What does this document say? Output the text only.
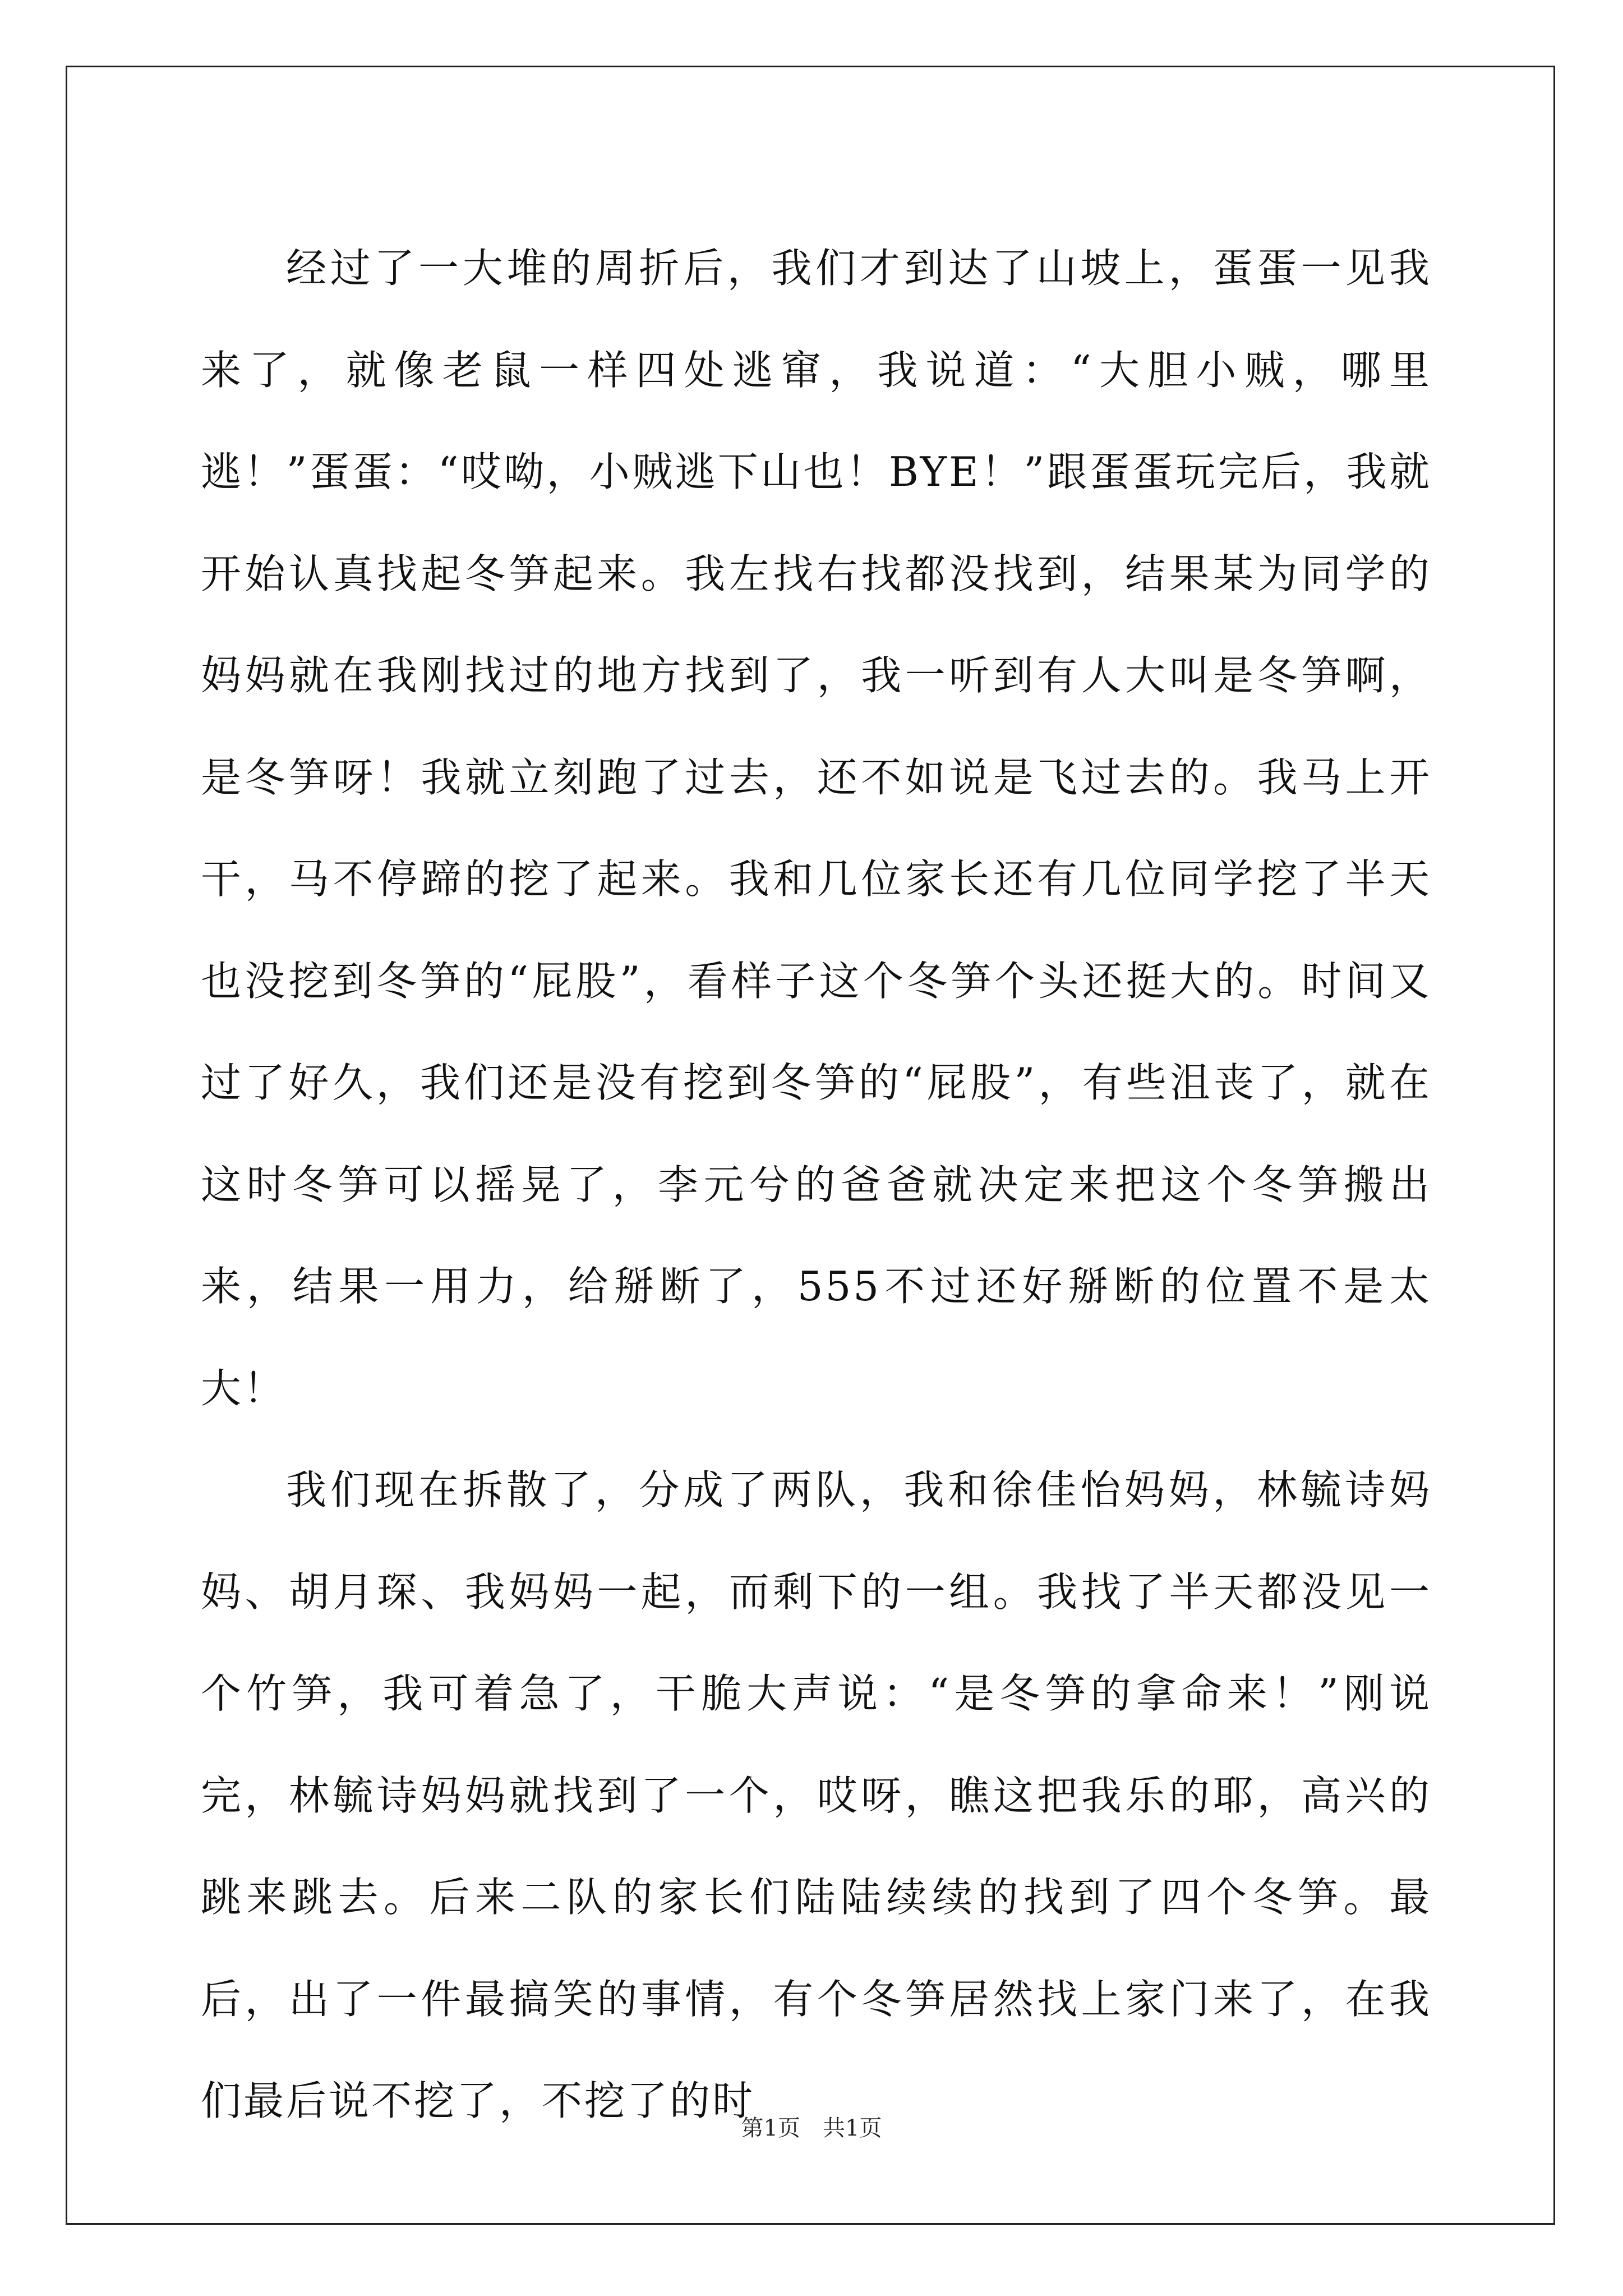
经过了一大堆的周折后，我们才到达了山坡上，蛋蛋一见我来了，就像老鼠一样四处逃窜，我说道：“大胆小贼，哪里逃！”蛋蛋：“哎呦，小贼逃下山也！BYE！”跟蛋蛋玩完后，我就开始认真找起冬笋起来。我左找右找都没找到，结果某为同学的妈妈就在我刚找过的地方找到了，我一听到有人大叫是冬笋啊，是冬笋呀！我就立刻跑了过去，还不如说是飞过去的。我马上开干，马不停蹄的挖了起来。我和几位家长还有几位同学挖了半天也没挖到冬笋的“屁股”，看样子这个冬笋个头还挺大的。时间又过了好久，我们还是没有挖到冬笋的“屁股”，有些沮丧了，就在这时冬笋可以摇晃了，李元兮的爸爸就决定来把这个冬笋搬出来，结果一用力，给掰断了，555不过还好掰断的位置不是太大！

我们现在拆散了，分成了两队，我和徐佳怡妈妈，林毓诗妈妈、胡月琛、我妈妈一起，而剩下的一组。我找了半天都没见一个竹笋，我可着急了，干脆大声说：“是冬笋的拿命来！”刚说完，林毓诗妈妈就找到了一个，哎呀，瞧这把我乐的耶，高兴的跳来跳去。后来二队的家长们陆陆续续的找到了四个冬笋。最后，出了一件最搞笑的事情，有个冬笋居然找上家门来了，在我们最后说不挖了，不挖了的时

第1页 共1页
